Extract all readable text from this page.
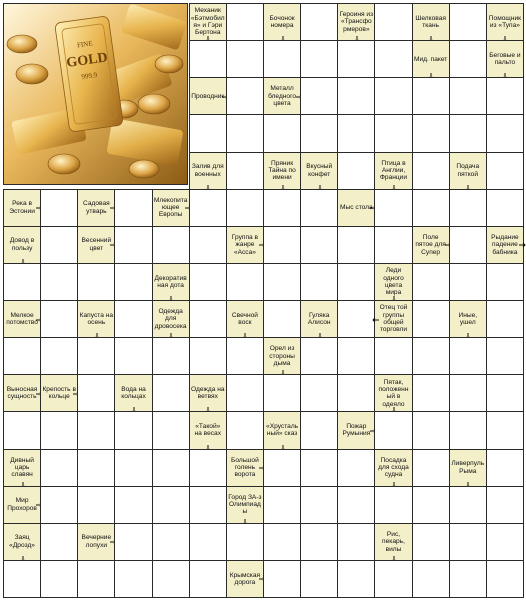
FINE
GOLD
999.9
Механик «Бэтмобиля» и Гэри Бертона
Бочонок номера
Героиня из «Трансформеров»
Шелковая ткань
Помощник из «Тупа»
Мид. пакет
Беговые и пальто
Проводник
Металл бледного цвета
Залив для военных
Пряник Тайна по имени
Вкусный конфет
Птица в Англии, Франции
Подача пяткой
Река в Эстонии
Садовая утварь
Млекопитающее Европы
Мыс стола
Довод в пользу
Весенний цвет
Группа в жанре «Асса»
Поле пятое для Супер
Рыдание падение бабника
Декоративная дота
Леди одного цвета мира
Мелкое потомство
Капуста на осень
Одежда для дровосека
Свечной воск
Гуляка Алисон
Отец той группы общей торговли
Иные, ушел
Орел из стороны дыма
Выносная сущность
Крепость в кольце
Вода на кольцах
Одежда на ветвях
Пятак, положенный в одеяло
«Такой» на весах
«Хрустальный» сказ
Пожар Румыния
Дивный царь славян
Большой голень ворота
Посадка для схода судна
Ливерпуль Рыма
Мир Прохоров
Город ЗА-з Олимпиады
Заяц «Дрозд»
Вечерние лопухи
Рис, пекарь, вилы
Крымская дорога
